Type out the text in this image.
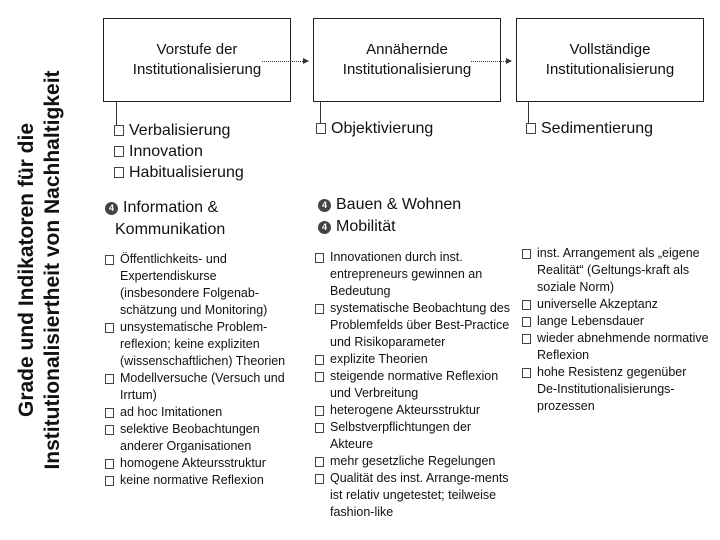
Grade und Indikatoren für die Institutionalisiertheit von Nachhaltigkeit
Vorstufe der
Institutionalisierung
Annähernde
Institutionalisierung
Vollständige
Institutionalisierung
Verbalisierung
Innovation
Habitualisierung
Objektivierung	Sedimentierung
4 Information &
Kommunikation
4 Bauen & Wohnen
4 Mobilität
Öffentlichkeits- und Expertendiskurse (insbesondere Folgenab-schätzung und Monitoring)
unsystematische Problem-reflexion; keine expliziten (wissenschaftlichen) Theorien
Modellversuche (Versuch und Irrtum)
ad hoc Imitationen
selektive Beobachtungen anderer Organisationen
homogene Akteursstruktur
keine normative Reflexion
Innovationen durch inst. entrepreneurs gewinnen an Bedeutung
systematische Beobachtung des Problemfelds über Best-Practice und Risikoparameter
explizite Theorien
steigende normative Reflexion und Verbreitung
heterogene Akteursstruktur
Selbstverpflichtungen der Akteure
mehr gesetzliche Regelungen
Qualität des inst. Arrange-ments ist relativ ungetestet; teilweise fashion-like
inst. Arrangement als „eigene Realität“ (Geltungs-kraft als soziale Norm)
universelle Akzeptanz
lange Lebensdauer
wieder abnehmende normative Reflexion
hohe Resistenz gegenüber De-Institutionalisierungs-prozessen
